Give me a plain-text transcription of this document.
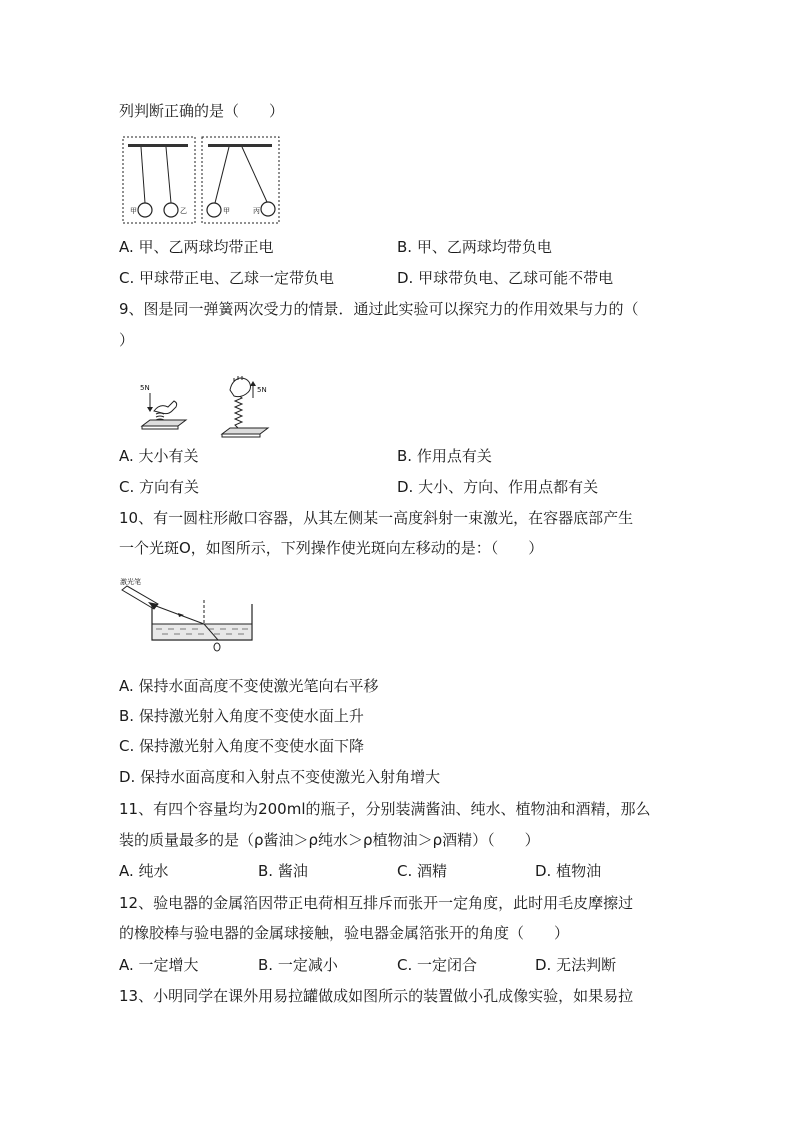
列判断正确的是（　　）
甲	乙	甲	丙
A. 甲、乙两球均带正电	B. 甲、乙两球均带负电
C. 甲球带正电、乙球一定带负电	D. 甲球带负电、乙球可能不带电
9、图是同一弹簧两次受力的情景．通过此实验可以探究力的作用效果与力的（
）
5N	5N
A. 大小有关	B. 作用点有关
C. 方向有关	D. 大小、方向、作用点都有关
10、有一圆柱形敞口容器，从其左侧某一高度斜射一束激光，在容器底部产生
一个光斑O，如图所示，下列操作使光斑向左移动的是：（　　）
激光笔
A. 保持水面高度不变使激光笔向右平移
B. 保持激光射入角度不变使水面上升
C. 保持激光射入角度不变使水面下降
D. 保持水面高度和入射点不变使激光入射角增大
11、有四个容量均为200ml的瓶子，分别装满酱油、纯水、植物油和酒精，那么
装的质量最多的是（ρ酱油＞ρ纯水＞ρ植物油＞ρ酒精）（　　）
A. 纯水	B. 酱油	C. 酒精	D. 植物油
12、验电器的金属箔因带正电荷相互排斥而张开一定角度，此时用毛皮摩擦过
的橡胶棒与验电器的金属球接触，验电器金属箔张开的角度（　　）
A. 一定增大	B. 一定减小	C. 一定闭合	D. 无法判断
13、小明同学在课外用易拉罐做成如图所示的装置做小孔成像实验，如果易拉
